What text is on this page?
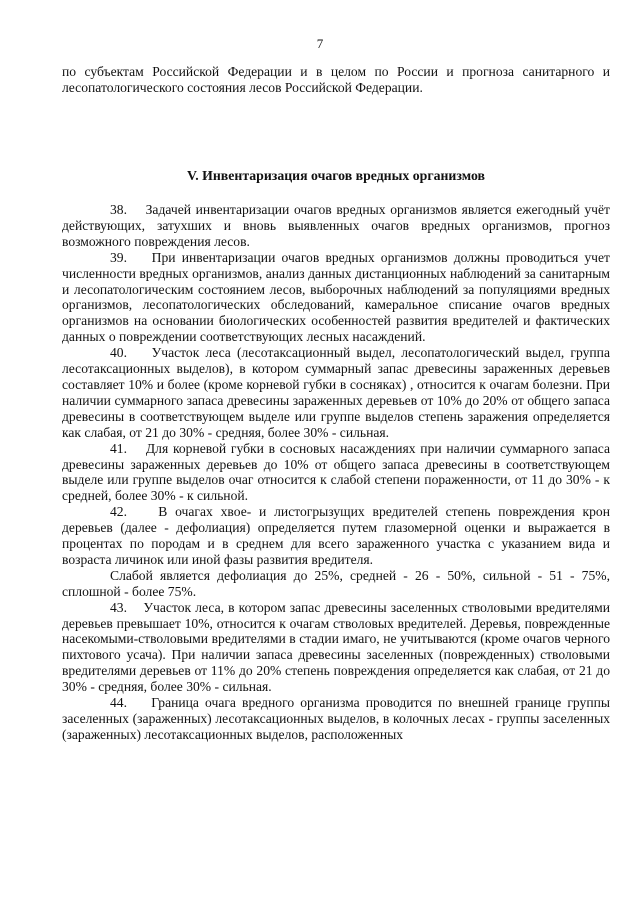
7
по субъектам Российской Федерации и в целом по России и прогноза санитарного и лесопатологического состояния лесов Российской Федерации.
V. Инвентаризация очагов вредных организмов

38.    Задачей инвентаризации очагов вредных организмов является ежегодный учёт действующих, затухших и вновь выявленных очагов вредных организмов, прогноз возможного повреждения лесов.

39.    При инвентаризации очагов вредных организмов должны проводиться учет численности вредных организмов, анализ данных дистанционных наблюдений за санитарным и лесопатологическим состоянием лесов, выборочных наблюдений за популяциями вредных организмов, лесопатологических обследований, камеральное списание очагов вредных организмов на основании биологических особенностей развития вредителей и фактических данных о повреждении соответствующих лесных насаждений.

40.    Участок леса (лесотаксационный выдел, лесопатологический выдел, группа лесотаксационных выделов), в котором суммарный запас древесины зараженных деревьев составляет 10% и более (кроме корневой губки в сосняках) , относится к очагам болезни. При наличии суммарного запаса древесины зараженных деревьев от 10% до 20% от общего запаса древесины в соответствующем выделе или группе выделов степень заражения определяется как слабая, от 21 до 30% - средняя, более 30% - сильная.

41.    Для корневой губки в сосновых насаждениях при наличии суммарного запаса древесины зараженных деревьев до 10% от общего запаса древесины в соответствующем выделе или группе выделов очаг относится к слабой степени пораженности, от 11 до 30% - к средней, более 30% - к сильной.

42.    В очагах хвое- и листогрызущих вредителей степень повреждения крон деревьев (далее - дефолиация) определяется путем глазомерной оценки и выражается в процентах по породам и в среднем для всего зараженного участка с указанием вида и возраста личинок или иной фазы развития вредителя.

Слабой является дефолиация до 25%, средней - 26 - 50%, сильной - 51 - 75%, сплошной - более 75%.

43.    Участок леса, в котором запас древесины заселенных стволовыми вредителями деревьев превышает 10%, относится к очагам стволовых вредителей. Деревья, поврежденные насекомыми-стволовыми вредителями в стадии имаго, не учитываются (кроме очагов черного пихтового усача). При наличии запаса древесины заселенных (поврежденных) стволовыми вредителями деревьев от 11% до 20% степень повреждения определяется как слабая, от 21 до 30% - средняя, более 30% - сильная.

44.    Граница очага вредного организма проводится по внешней границе группы заселенных (зараженных) лесотаксационных выделов, в колочных лесах - группы заселенных (зараженных) лесотаксационных выделов, расположенных
